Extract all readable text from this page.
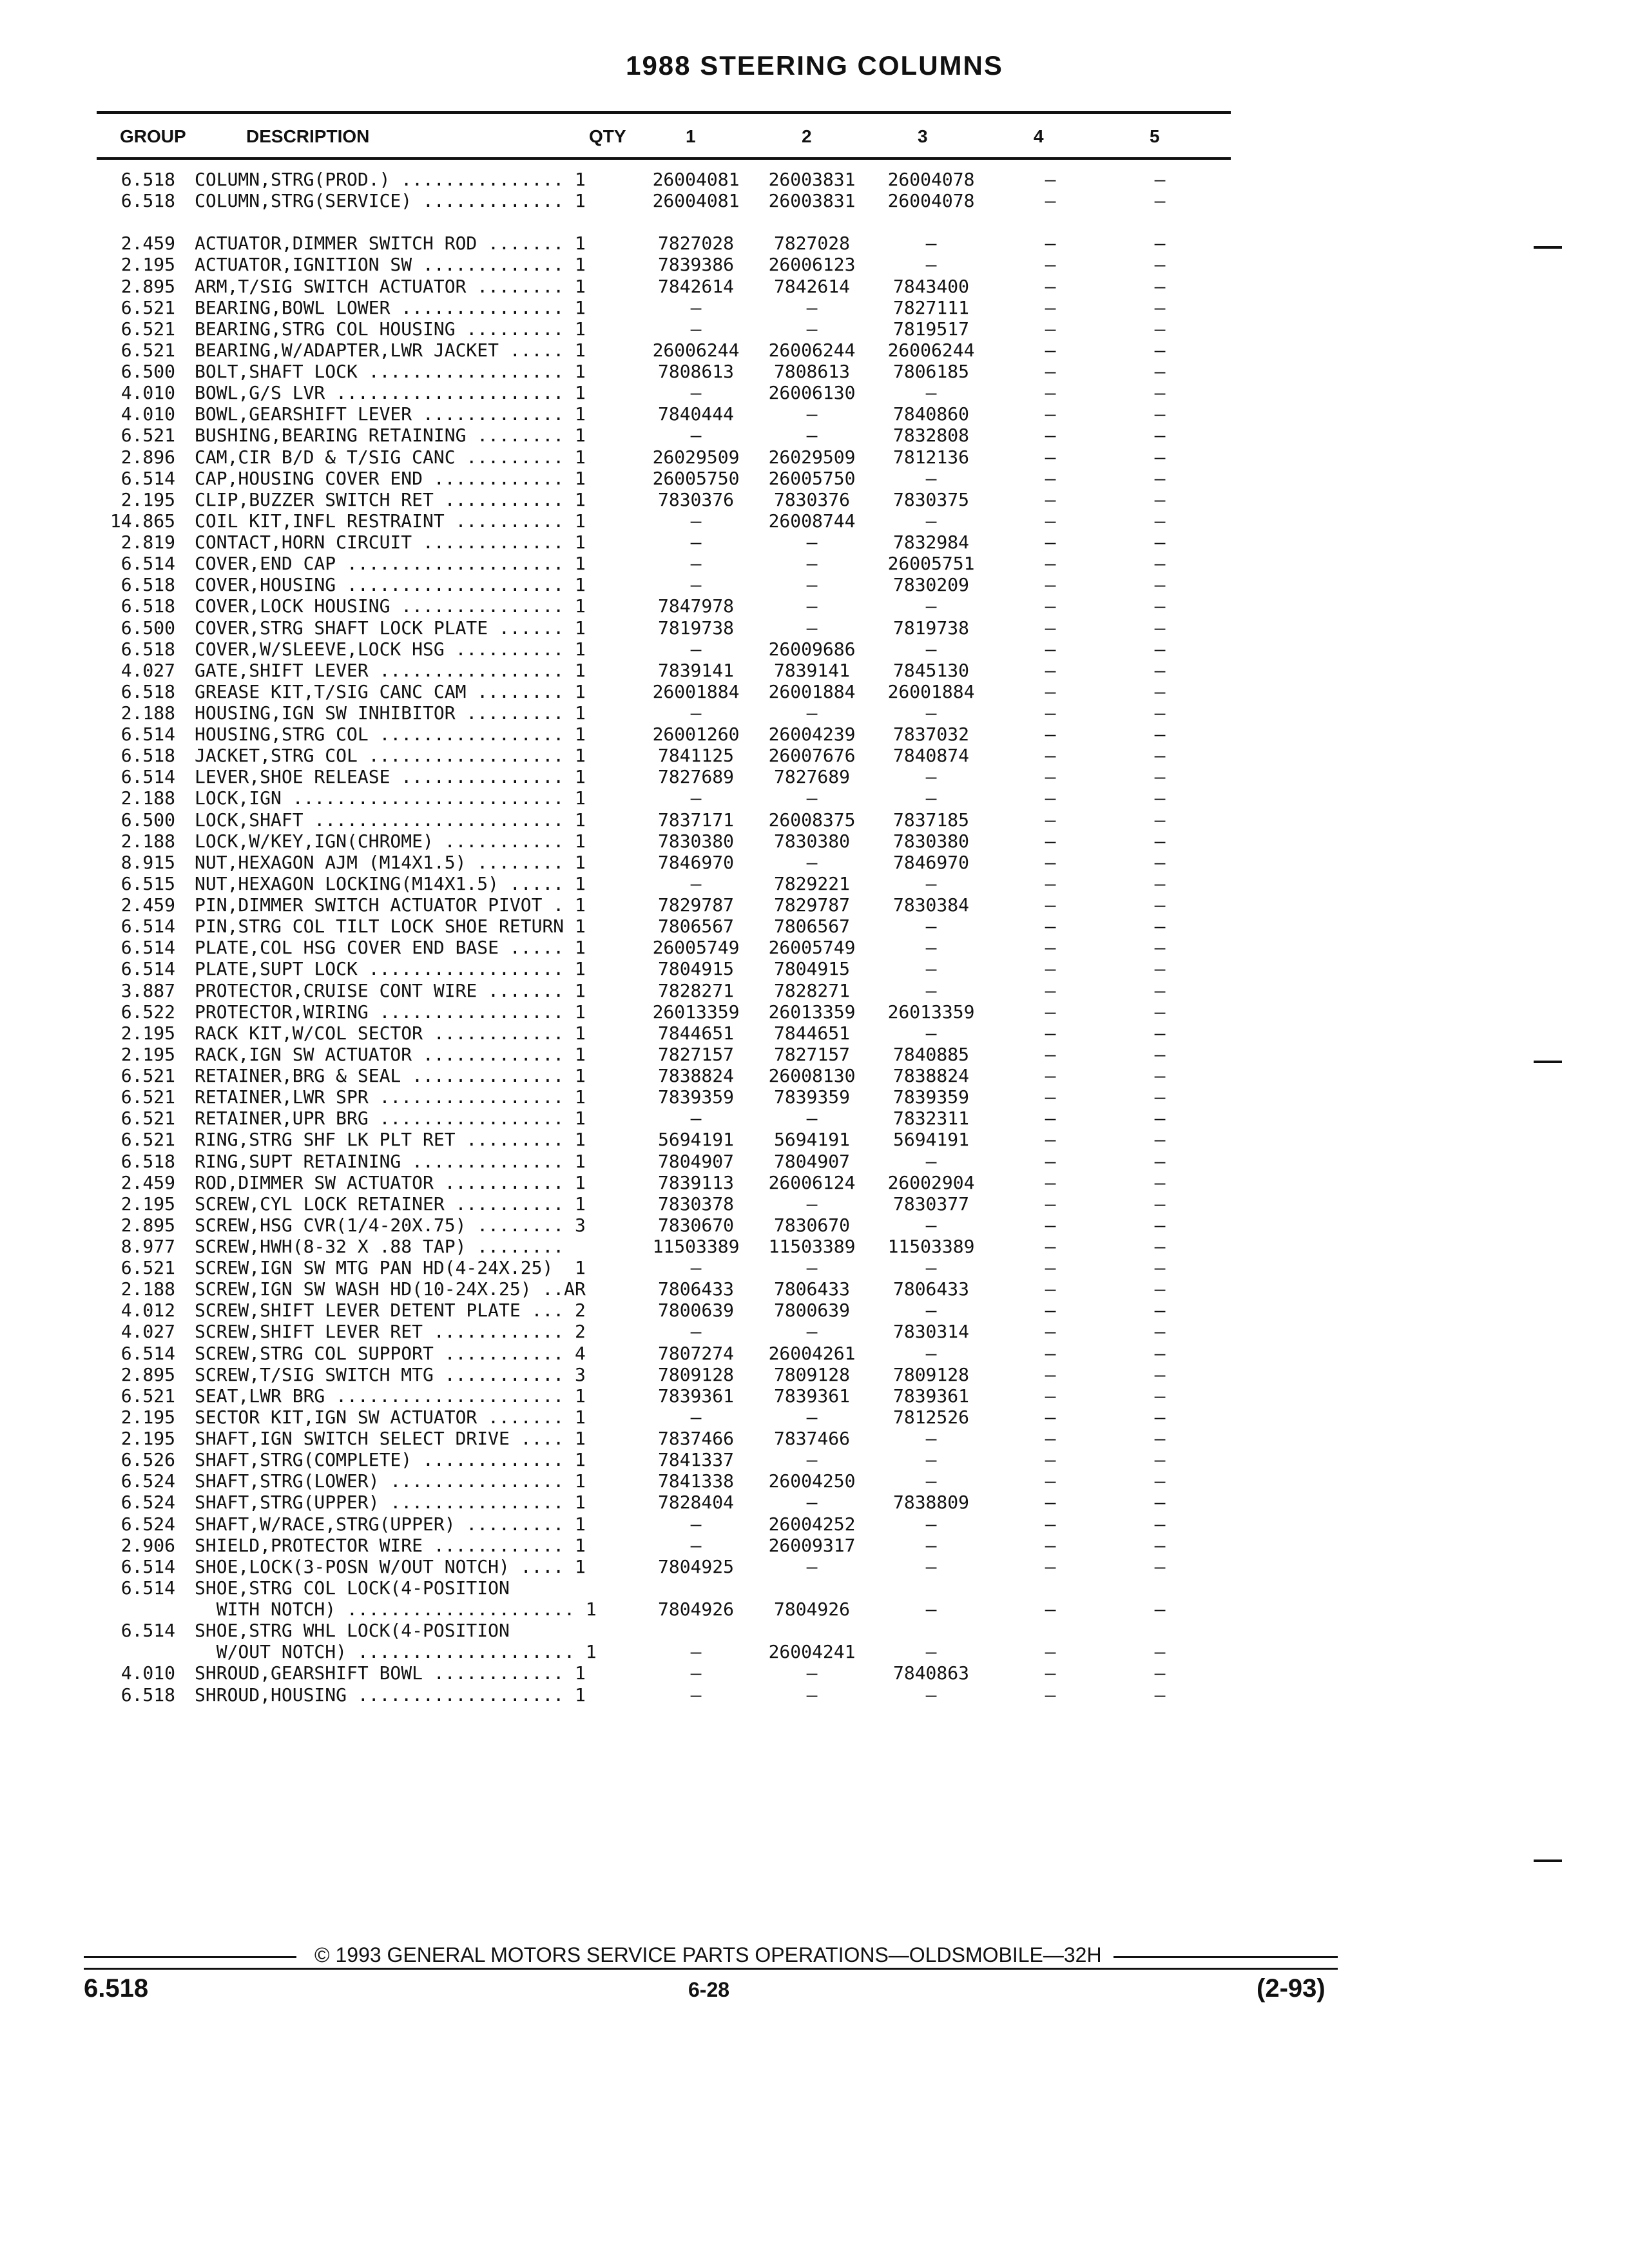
1988 STEERING COLUMNS
GROUP	DESCRIPTION	QTY	1	2	3	4	5
6.518 COLUMN,STRG(PROD.) ............... 1	26004081	26003831	26004078	—	—
6.518 COLUMN,STRG(SERVICE) ............. 1	26004081	26003831	26004078	—	—
2.459 ACTUATOR,DIMMER SWITCH ROD ....... 1	7827028	7827028	—	—	—
2.195 ACTUATOR,IGNITION SW ............. 1	7839386	26006123	—	—	—
2.895 ARM,T/SIG SWITCH ACTUATOR ........ 1	7842614	7842614	7843400	—	—
6.521 BEARING,BOWL LOWER ............... 1	—	—	7827111	—	—
6.521 BEARING,STRG COL HOUSING ......... 1	—	—	7819517	—	—
6.521 BEARING,W/ADAPTER,LWR JACKET ..... 1	26006244	26006244	26006244	—	—
6.500 BOLT,SHAFT LOCK .................. 1	7808613	7808613	7806185	—	—
4.010 BOWL,G/S LVR ..................... 1	—	26006130	—	—	—
4.010 BOWL,GEARSHIFT LEVER ............. 1	7840444	—	7840860	—	—
6.521 BUSHING,BEARING RETAINING ........ 1	—	—	7832808	—	—
2.896 CAM,CIR B/D & T/SIG CANC ......... 1	26029509	26029509	7812136	—	—
6.514 CAP,HOUSING COVER END ............ 1	26005750	26005750	—	—	—
2.195 CLIP,BUZZER SWITCH RET ........... 1	7830376	7830376	7830375	—	—
14.865 COIL KIT,INFL RESTRAINT .......... 1	—	26008744	—	—	—
2.819 CONTACT,HORN CIRCUIT ............. 1	—	—	7832984	—	—
6.514 COVER,END CAP .................... 1	—	—	26005751	—	—
6.518 COVER,HOUSING .................... 1	—	—	7830209	—	—
6.518 COVER,LOCK HOUSING ............... 1	7847978	—	—	—	—
6.500 COVER,STRG SHAFT LOCK PLATE ...... 1	7819738	—	7819738	—	—
6.518 COVER,W/SLEEVE,LOCK HSG .......... 1	—	26009686	—	—	—
4.027 GATE,SHIFT LEVER ................. 1	7839141	7839141	7845130	—	—
6.518 GREASE KIT,T/SIG CANC CAM ........ 1	26001884	26001884	26001884	—	—
2.188 HOUSING,IGN SW INHIBITOR ......... 1	—	—	—	—	—
6.514 HOUSING,STRG COL ................. 1	26001260	26004239	7837032	—	—
6.518 JACKET,STRG COL .................. 1	7841125	26007676	7840874	—	—
6.514 LEVER,SHOE RELEASE ............... 1	7827689	7827689	—	—	—
2.188 LOCK,IGN ......................... 1	—	—	—	—	—
6.500 LOCK,SHAFT ....................... 1	7837171	26008375	7837185	—	—
2.188 LOCK,W/KEY,IGN(CHROME) ........... 1	7830380	7830380	7830380	—	—
8.915 NUT,HEXAGON AJM (M14X1.5) ........ 1	7846970	—	7846970	—	—
6.515 NUT,HEXAGON LOCKING(M14X1.5) ..... 1	—	7829221	—	—	—
2.459 PIN,DIMMER SWITCH ACTUATOR PIVOT . 1	7829787	7829787	7830384	—	—
6.514 PIN,STRG COL TILT LOCK SHOE RETURN 1	7806567	7806567	—	—	—
6.514 PLATE,COL HSG COVER END BASE ..... 1	26005749	26005749	—	—	—
6.514 PLATE,SUPT LOCK .................. 1	7804915	7804915	—	—	—
3.887 PROTECTOR,CRUISE CONT WIRE ....... 1	7828271	7828271	—	—	—
6.522 PROTECTOR,WIRING ................. 1	26013359	26013359	26013359	—	—
2.195 RACK KIT,W/COL SECTOR ............ 1	7844651	7844651	—	—	—
2.195 RACK,IGN SW ACTUATOR ............. 1	7827157	7827157	7840885	—	—
6.521 RETAINER,BRG & SEAL .............. 1	7838824	26008130	7838824	—	—
6.521 RETAINER,LWR SPR ................. 1	7839359	7839359	7839359	—	—
6.521 RETAINER,UPR BRG ................. 1	—	—	7832311	—	—
6.521 RING,STRG SHF LK PLT RET ......... 1	5694191	5694191	5694191	—	—
6.518 RING,SUPT RETAINING .............. 1	7804907	7804907	—	—	—
2.459 ROD,DIMMER SW ACTUATOR ........... 1	7839113	26006124	26002904	—	—
2.195 SCREW,CYL LOCK RETAINER .......... 1	7830378	—	7830377	—	—
2.895 SCREW,HSG CVR(1/4-20X.75) ........ 3	7830670	7830670	—	—	—
8.977 SCREW,HWH(8-32 X .88 TAP) ........	11503389	11503389	11503389	—	—
6.521 SCREW,IGN SW MTG PAN HD(4-24X.25)  1	—	—	—	—	—
2.188 SCREW,IGN SW WASH HD(10-24X.25) ..AR	7806433	7806433	7806433	—	—
4.012 SCREW,SHIFT LEVER DETENT PLATE ... 2	7800639	7800639	—	—	—
4.027 SCREW,SHIFT LEVER RET ............ 2	—	—	7830314	—	—
6.514 SCREW,STRG COL SUPPORT ........... 4	7807274	26004261	—	—	—
2.895 SCREW,T/SIG SWITCH MTG ........... 3	7809128	7809128	7809128	—	—
6.521 SEAT,LWR BRG ..................... 1	7839361	7839361	7839361	—	—
2.195 SECTOR KIT,IGN SW ACTUATOR ....... 1	—	—	7812526	—	—
2.195 SHAFT,IGN SWITCH SELECT DRIVE .... 1	7837466	7837466	—	—	—
6.526 SHAFT,STRG(COMPLETE) ............. 1	7841337	—	—	—	—
6.524 SHAFT,STRG(LOWER) ................ 1	7841338	26004250	—	—	—
6.524 SHAFT,STRG(UPPER) ................ 1	7828404	—	7838809	—	—
6.524 SHAFT,W/RACE,STRG(UPPER) ......... 1	—	26004252	—	—	—
2.906 SHIELD,PROTECTOR WIRE ............ 1	—	26009317	—	—	—
6.514 SHOE,LOCK(3-POSN W/OUT NOTCH) .... 1	7804925	—	—	—	—
6.514 SHOE,STRG COL LOCK(4-POSITION
WITH NOTCH) ..................... 1	7804926	7804926	—	—	—
6.514 SHOE,STRG WHL LOCK(4-POSITION
W/OUT NOTCH) .................... 1	—	26004241	—	—	—
4.010 SHROUD,GEARSHIFT BOWL ............ 1	—	—	7840863	—	—
6.518 SHROUD,HOUSING ................... 1	—	—	—	—	—
© 1993 GENERAL MOTORS SERVICE PARTS OPERATIONS—OLDSMOBILE—32H
6.518	6-28	(2-93)
